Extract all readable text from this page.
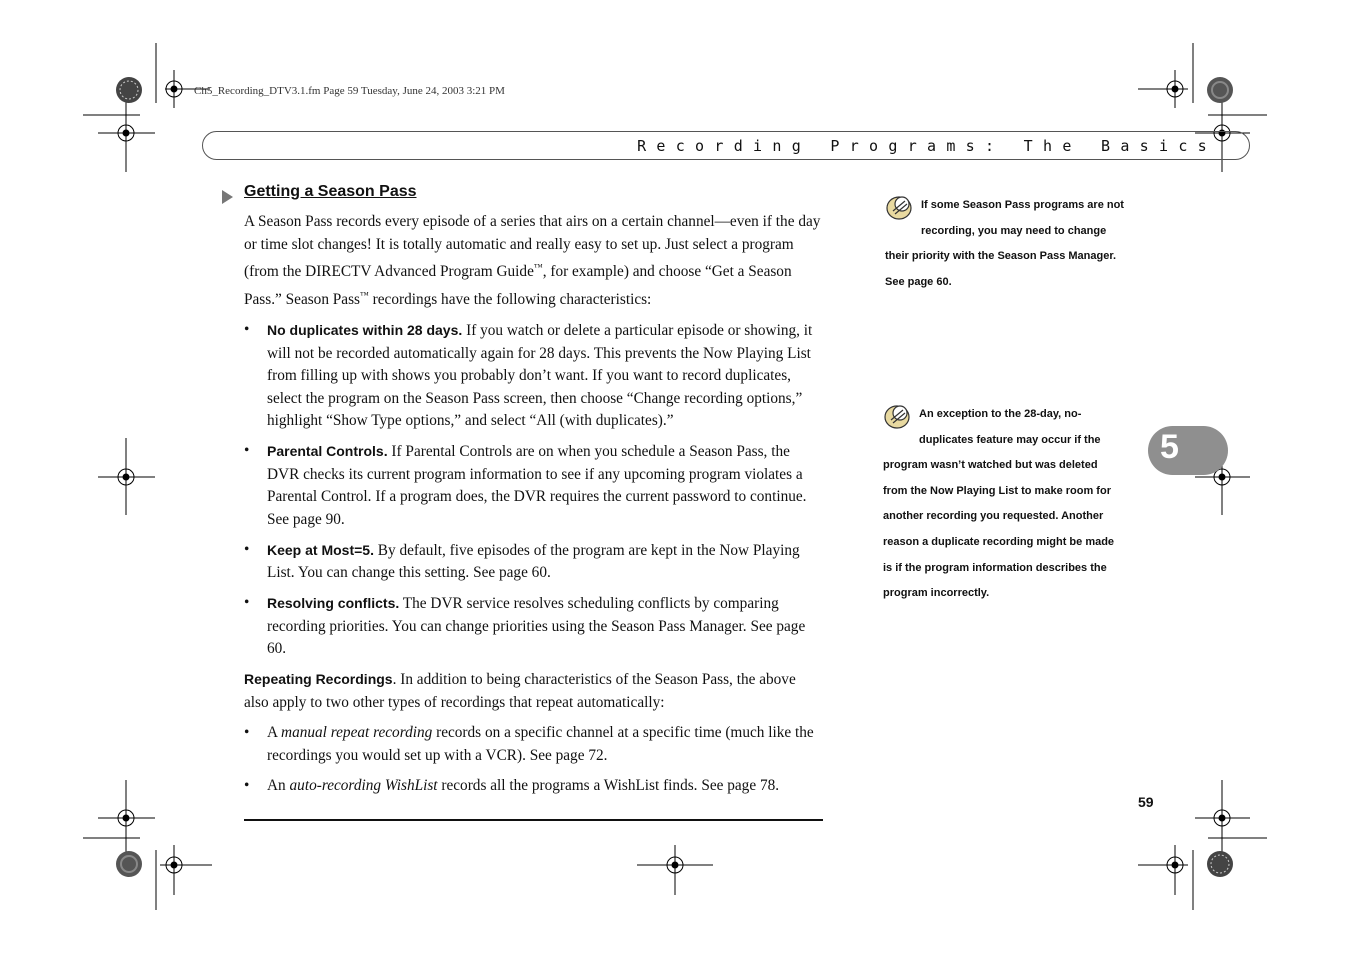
Ch5_Recording_DTV3.1.fm Page 59 Tuesday, June 24, 2003 3:21 PM
Recording Programs: The Basics
Getting a Season Pass

A Season Pass records every episode of a series that airs on a certain channel—even if the day or time slot changes! It is totally automatic and really easy to set up. Just select a program (from the DIRECTV Advanced Program Guide™, for example) and choose “Get a Season Pass.” Season Pass™ recordings have the following characteristics:

• No duplicates within 28 days. If you watch or delete a particular episode or showing, it will not be recorded automatically again for 28 days. This prevents the Now Playing List from filling up with shows you probably don’t want. If you want to record duplicates, select the program on the Season Pass screen, then choose “Change recording options,” highlight “Show Type options,” and select “All (with duplicates).”
• Parental Controls. If Parental Controls are on when you schedule a Season Pass, the DVR checks its current program information to see if any upcoming program violates a Parental Control. If a program does, the DVR requires the current password to continue. See page 90.
• Keep at Most=5. By default, five episodes of the program are kept in the Now Playing List. You can change this setting. See page 60.
• Resolving conflicts. The DVR service resolves scheduling conflicts by comparing recording priorities. You can change priorities using the Season Pass Manager. See page 60.

Repeating Recordings. In addition to being characteristics of the Season Pass, the above also apply to two other types of recordings that repeat automatically:

• A manual repeat recording records on a specific channel at a specific time (much like the recordings you would set up with a VCR). See page 72.
• An auto-recording WishList records all the programs a WishList finds. See page 78.
59
If some Season Pass programs are not recording, you may need to change their priority with the Season Pass Manager. See page 60.
An exception to the 28-day, no-duplicates feature may occur if the program wasn’t watched but was deleted from the Now Playing List to make room for another recording you requested. Another reason a duplicate recording might be made is if the program information describes the program incorrectly.
5
